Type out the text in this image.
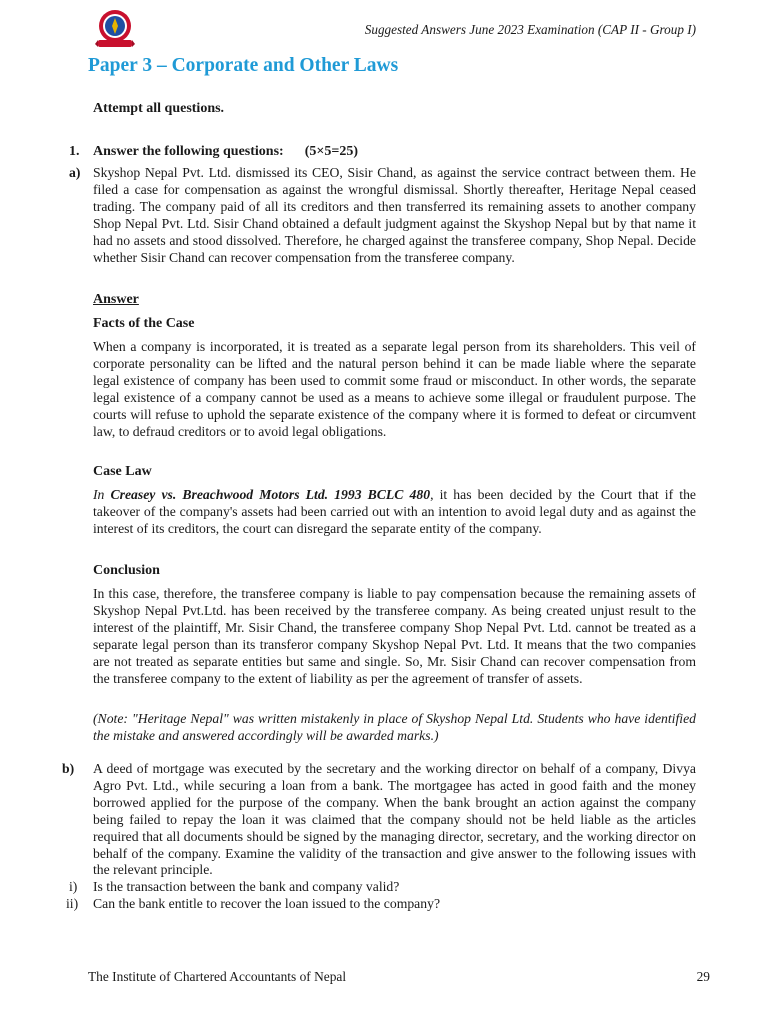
Suggested Answers June 2023 Examination (CAP II - Group I)
Paper 3 – Corporate and Other Laws
Attempt all questions.
1. Answer the following questions: (5×5=25)
a) Skyshop Nepal Pvt. Ltd. dismissed its CEO, Sisir Chand, as against the service contract between them. He filed a case for compensation as against the wrongful dismissal. Shortly thereafter, Heritage Nepal ceased trading. The company paid of all its creditors and then transferred its remaining assets to another company Shop Nepal Pvt. Ltd. Sisir Chand obtained a default judgment against the Skyshop Nepal but by that name it had no assets and stood dissolved. Therefore, he charged against the transferee company, Shop Nepal. Decide whether Sisir Chand can recover compensation from the transferee company.

Answer
Facts of the Case

When a company is incorporated, it is treated as a separate legal person from its shareholders. This veil of corporate personality can be lifted and the natural person behind it can be made liable where the separate legal existence of company has been used to commit some fraud or misconduct. In other words, the separate legal existence of a company cannot be used as a means to achieve some illegal or fraudulent purpose. The courts will refuse to uphold the separate existence of the company where it is formed to defeat or circumvent law, to defraud creditors or to avoid legal obligations.

Case Law

In Creasey vs. Breachwood Motors Ltd. 1993 BCLC 480, it has been decided by the Court that if the takeover of the company's assets had been carried out with an intention to avoid legal duty and as against the interest of its creditors, the court can disregard the separate entity of the company.

Conclusion

In this case, therefore, the transferee company is liable to pay compensation because the remaining assets of Skyshop Nepal Pvt.Ltd. has been received by the transferee company. As being created unjust result to the interest of the plaintiff, Mr. Sisir Chand, the transferee company Shop Nepal Pvt. Ltd. cannot be treated as a separate legal person than its transferor company Skyshop Nepal Pvt. Ltd. It means that the two companies are not treated as separate entities but same and single. So, Mr. Sisir Chand can recover compensation from the transferee company to the extent of liability as per the agreement of transfer of assets.

(Note: "Heritage Nepal" was written mistakenly in place of Skyshop Nepal Ltd. Students who have identified the mistake and answered accordingly will be awarded marks.)

b) A deed of mortgage was executed by the secretary and the working director on behalf of a company, Divya Agro Pvt. Ltd., while securing a loan from a bank. The mortgagee has acted in good faith and the money borrowed applied for the purpose of the company. When the bank brought an action against the company being failed to repay the loan it was claimed that the company should not be held liable as the articles required that all documents should be signed by the managing director, secretary, and the working director on behalf of the company. Examine the validity of the transaction and give answer to the following issues with the relevant principle.

i) Is the transaction between the bank and company valid?
ii) Can the bank entitle to recover the loan issued to the company?
The Institute of Chartered Accountants of Nepal	29
